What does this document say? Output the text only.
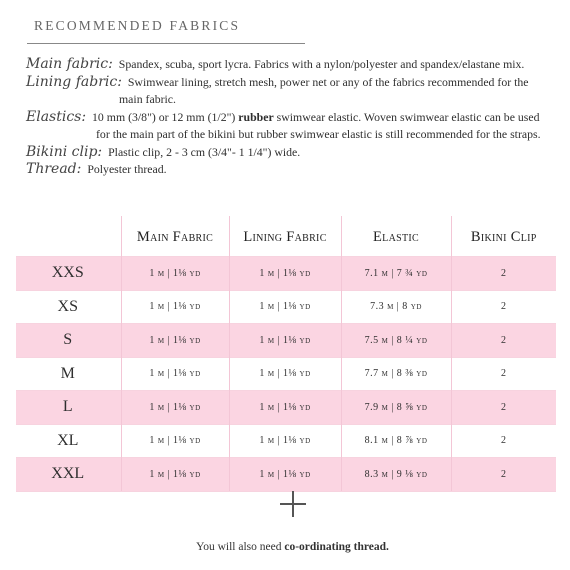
RECOMMENDED FABRICS
Main fabric: Spandex, scuba, sport lycra. Fabrics with a nylon/polyester and spandex/elastane mix.
Lining fabric: Swimwear lining, stretch mesh, power net or any of the fabrics recommended for the
main fabric.
Elastics: 10 mm (3/8") or 12 mm (1/2") rubber swimwear elastic. Woven swimwear elastic can be used
for the main part of the bikini but rubber swimwear elastic is still recommended for the straps.
Bikini clip: Plastic clip, 2 - 3 cm (3/4"- 1 1/4") wide.
Thread: Polyester thread.
	Main Fabric	Lining Fabric	Elastic	Bikini Clip
XXS	1 m | 1⅛ yd	1 m | 1⅛ yd	7.1 m | 7 ¾ yd	2
XS	1 m | 1⅛ yd	1 m | 1⅛ yd	7.3 m | 8 yd	2
S	1 m | 1⅛ yd	1 m | 1⅛ yd	7.5 m | 8 ¼ yd	2
M	1 m | 1⅛ yd	1 m | 1⅛ yd	7.7 m | 8 ⅜ yd	2
L	1 m | 1⅛ yd	1 m | 1⅛ yd	7.9 m | 8 ⅝ yd	2
XL	1 m | 1⅛ yd	1 m | 1⅛ yd	8.1 m | 8 ⅞ yd	2
XXL	1 m | 1⅛ yd	1 m | 1⅛ yd	8.3 m | 9 ⅛ yd	2
You will also need co-ordinating thread.
